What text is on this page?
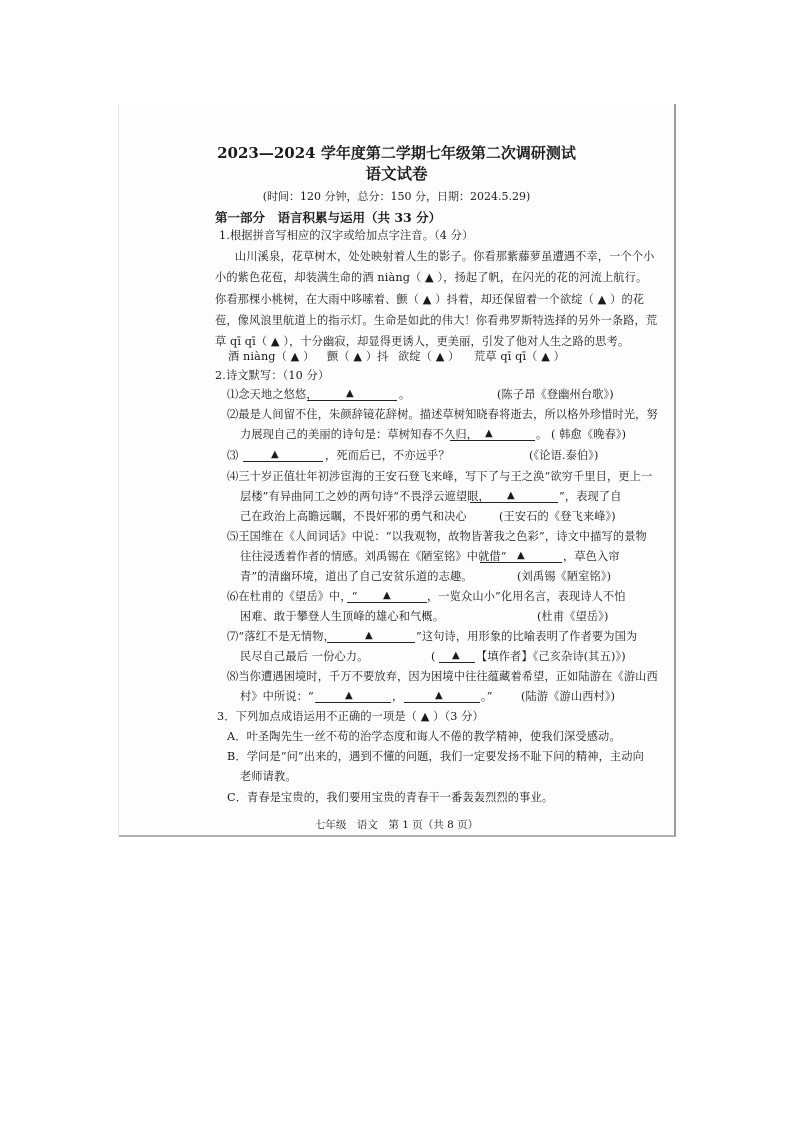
2023—2024 学年度第二学期七年级第二次调研测试
语文试卷
(时间：120 分钟，总分：150 分，日期：2024.5.29)
第一部分　语言积累与运用（共 33 分）
1.根据拼音写相应的汉字或给加点字注音。（4 分）
山川溪泉，花草树木，处处映射着人生的影子。你看那紫藤萝虽遭遇不幸，一个个小
小的紫色花苞，却装满生命的酒 niàng（ ▲ ），扬起了帆，在闪光的花的河流上航行。
你看那棵小桃树，在大雨中哆嗦着、颤（ ▲ ）抖着，却还保留着一个欲绽（ ▲ ）的花
苞，像风浪里航道上的指示灯。生命是如此的伟大！你看弗罗斯特选择的另外一条路，荒
草 qī qī（ ▲ ），十分幽寂，却显得更诱人，更美丽，引发了他对人生之路的思考。
酒 niàng（ ▲ ） 颤（ ▲ ）抖 欲绽（ ▲ ） 荒草 qī qī（ ▲ ）
2.诗文默写：（10 分）
⑴念天地之悠悠，	▲	。	(陈子昂《登幽州台歌》)
⑵最是人间留不住，朱颜辞镜花辞树。描述草树知晓春将逝去，所以格外珍惜时光，努
力展现自己的美丽的诗句是：草树知春不久归， ▲	。 ( 韩愈《晚春》)
⑶	▲	，死而后已，不亦远乎？	(《论语.泰伯》)
⑷三十岁正值壮年初涉宦海的王安石登飞来峰，写下了与王之涣“欲穷千里目，更上一
层楼”有异曲同工之妙的两句诗“不畏浮云遮望眼， ▲	”，表现了自
己在政治上高瞻远瞩，不畏奸邪的勇气和决心	(王安石的《登飞来峰》)
⑸王国维在《人间词话》中说：“以我观物，故物皆著我之色彩”，诗文中描写的景物
往往浸透着作者的情感。刘禹锡在《陋室铭》中就借“ ▲	，草色入帘
青”的清幽环境，道出了自己安贫乐道的志趣。	(刘禹锡《陋室铭》)
⑹在杜甫的《望岳》中，“	▲	，一览众山小”化用名言，表现诗人不怕
困难、敢于攀登人生顶峰的雄心和气概。	(杜甫《望岳》)
⑺“落红不是无情物，	▲	”这句诗，用形象的比喻表明了作者要为国为
民尽自己最后 一份心力。	( ▲ 【填作者】《己亥杂诗(其五)》)
⑻当你遭遇困境时，千万不要放弃，因为困境中往往蕴藏着希望，正如陆游在《游山西
村》中所说：“	▲	，	▲	。”	(陆游《游山西村》)
3．下列加点成语运用不正确的一项是（ ▲ ）（3 分）
A．叶圣陶先生一丝不苟的治学态度和诲人不倦的教学精神，使我们深受感动。
B．学问是“问”出来的，遇到不懂的问题，我们一定要发扬不耻下问的精神，主动向
老师请教。
C．青春是宝贵的，我们要用宝贵的青春干一番轰轰烈烈的事业。
七年级　语文　第 1 页（共 8 页）
